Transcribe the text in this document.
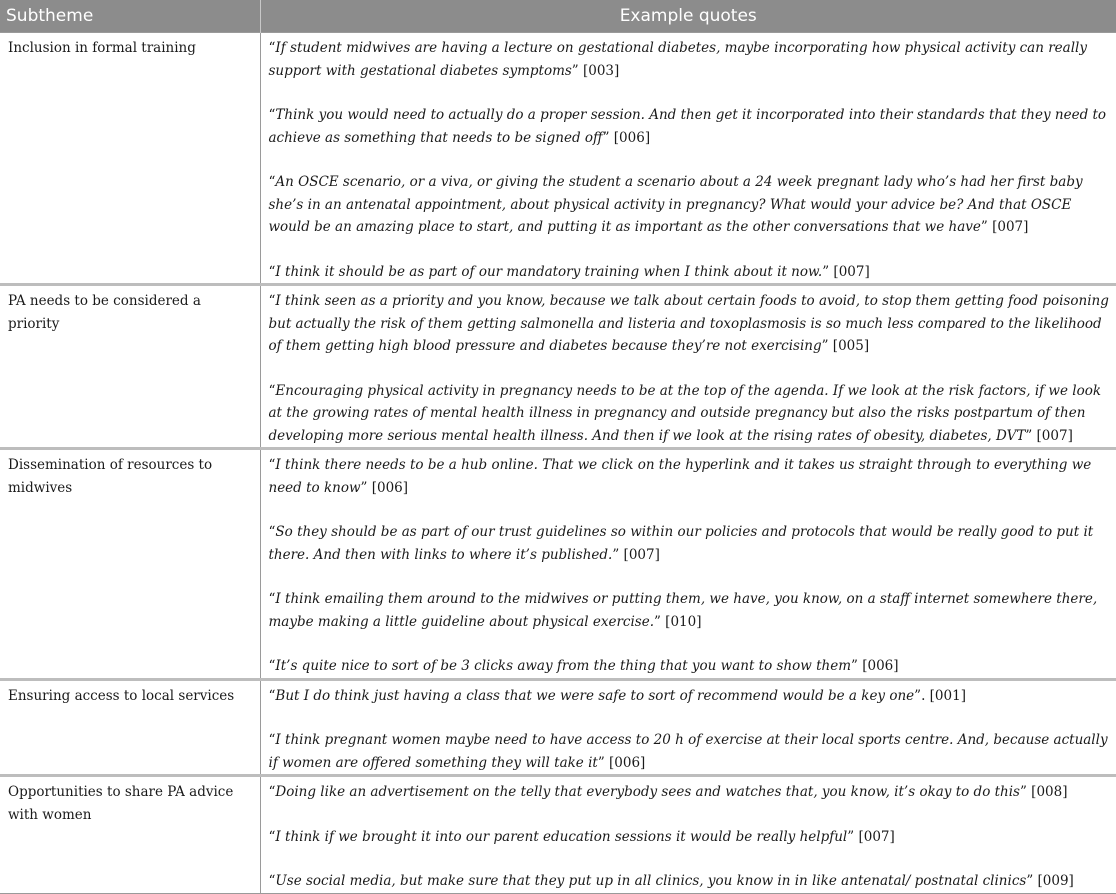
Subtheme	Example quotes
Inclusion in formal training	“If student midwives are having a lecture on gestational diabetes, maybe incorporating how physical activity can really support with gestational diabetes symptoms” [003]
“Think you would need to actually do a proper session. And then get it incorporated into their standards that they need to achieve as something that needs to be signed off” [006]
“An OSCE scenario, or a viva, or giving the student a scenario about a 24 week pregnant lady who’s had her first baby she’s in an antenatal appointment, about physical activity in pregnancy? What would your advice be? And that OSCE would be an amazing place to start, and putting it as important as the other conversations that we have” [007]
“I think it should be as part of our mandatory training when I think about it now.” [007]

PA needs to be considered a priority	“I think seen as a priority and you know, because we talk about certain foods to avoid, to stop them getting food poisoning but actually the risk of them getting salmonella and listeria and toxoplasmosis is so much less compared to the likelihood of them getting high blood pressure and diabetes because they’re not exercising” [005]
“Encouraging physical activity in pregnancy needs to be at the top of the agenda. If we look at the risk factors, if we look at the growing rates of mental health illness in pregnancy and outside pregnancy but also the risks postpartum of then developing more serious mental health illness. And then if we look at the rising rates of obesity, diabetes, DVT” [007]

Dissemination of resources to midwives	“I think there needs to be a hub online. That we click on the hyperlink and it takes us straight through to everything we need to know” [006]
“So they should be as part of our trust guidelines so within our policies and protocols that would be really good to put it there. And then with links to where it’s published.” [007]
“I think emailing them around to the midwives or putting them, we have, you know, on a staff internet somewhere there, maybe making a little guideline about physical exercise.” [010]
“It’s quite nice to sort of be 3 clicks away from the thing that you want to show them” [006]

Ensuring access to local services	“But I do think just having a class that we were safe to sort of recommend would be a key one”. [001]
“I think pregnant women maybe need to have access to 20 h of exercise at their local sports centre. And, because actually if women are offered something they will take it” [006]

Opportunities to share PA advice with women	“Doing like an advertisement on the telly that everybody sees and watches that, you know, it’s okay to do this” [008]
“I think if we brought it into our parent education sessions it would be really helpful” [007]
“Use social media, but make sure that they put up in all clinics, you know in in like antenatal/ postnatal clinics” [009]
